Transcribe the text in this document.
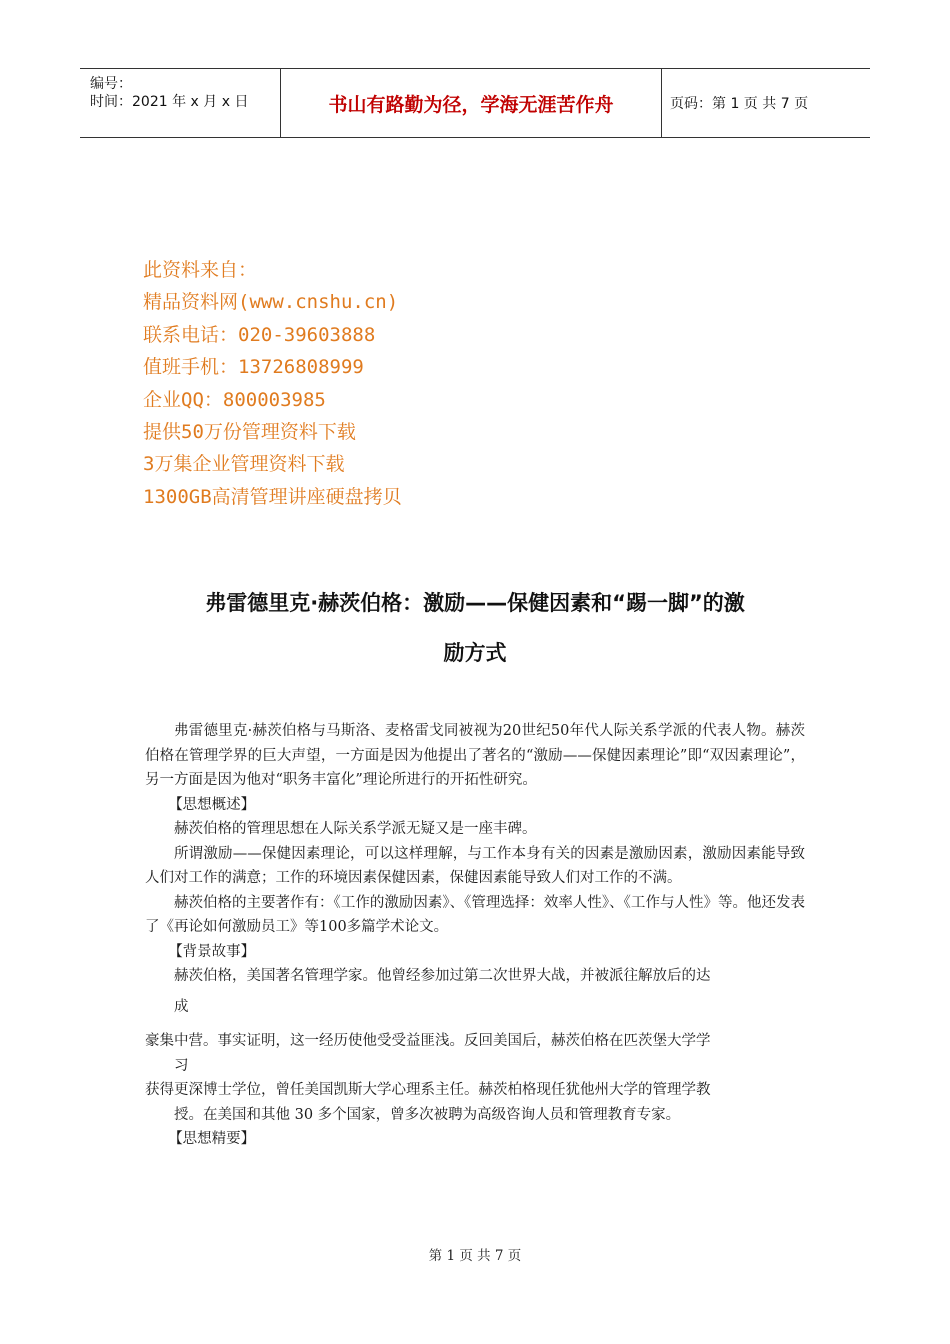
编号：
时间：2021 年 x 月 x 日	书山有路勤为径，学海无涯苦作舟	页码：第 1 页 共 7 页
此资料来自：
精品资料网(www.cnshu.cn)
联系电话：020-39603888
值班手机：13726808999
企业QQ：800003985
提供50万份管理资料下载
3万集企业管理资料下载
1300GB高清管理讲座硬盘拷贝
弗雷德里克·赫茨伯格：激励——保健因素和“踢一脚”的激
励方式

弗雷德里克·赫茨伯格与马斯洛、麦格雷戈同被视为20世纪50年代人际关系学派的代表人物。赫茨伯格在管理学界的巨大声望，一方面是因为他提出了著名的“激励——保健因素理论”即“双因素理论”，另一方面是因为他对“职务丰富化”理论所进行的开拓性研究。

【思想概述】

赫茨伯格的管理思想在人际关系学派无疑又是一座丰碑。

所谓激励——保健因素理论，可以这样理解，与工作本身有关的因素是激励因素，激励因素能导致人们对工作的满意；工作的环境因素保健因素，保健因素能导致人们对工作的不满。

赫茨伯格的主要著作有：《工作的激励因素》、《管理选择：效率人性》、《工作与人性》等。他还发表了《再论如何激励员工》等100多篇学术论文。

【背景故事】

赫茨伯格，美国著名管理学家。他曾经参加过第二次世界大战，并被派往解放后的达

成

豪集中营。事实证明，这一经历使他受受益匪浅。反回美国后，赫茨伯格在匹茨堡大学学

习

获得更深博士学位，曾任美国凯斯大学心理系主任。赫茨柏格现任犹他州大学的管理学教

授。在美国和其他 30 多个国家，曾多次被聘为高级咨询人员和管理教育专家。

【思想精要】

第 1 页 共 7 页
